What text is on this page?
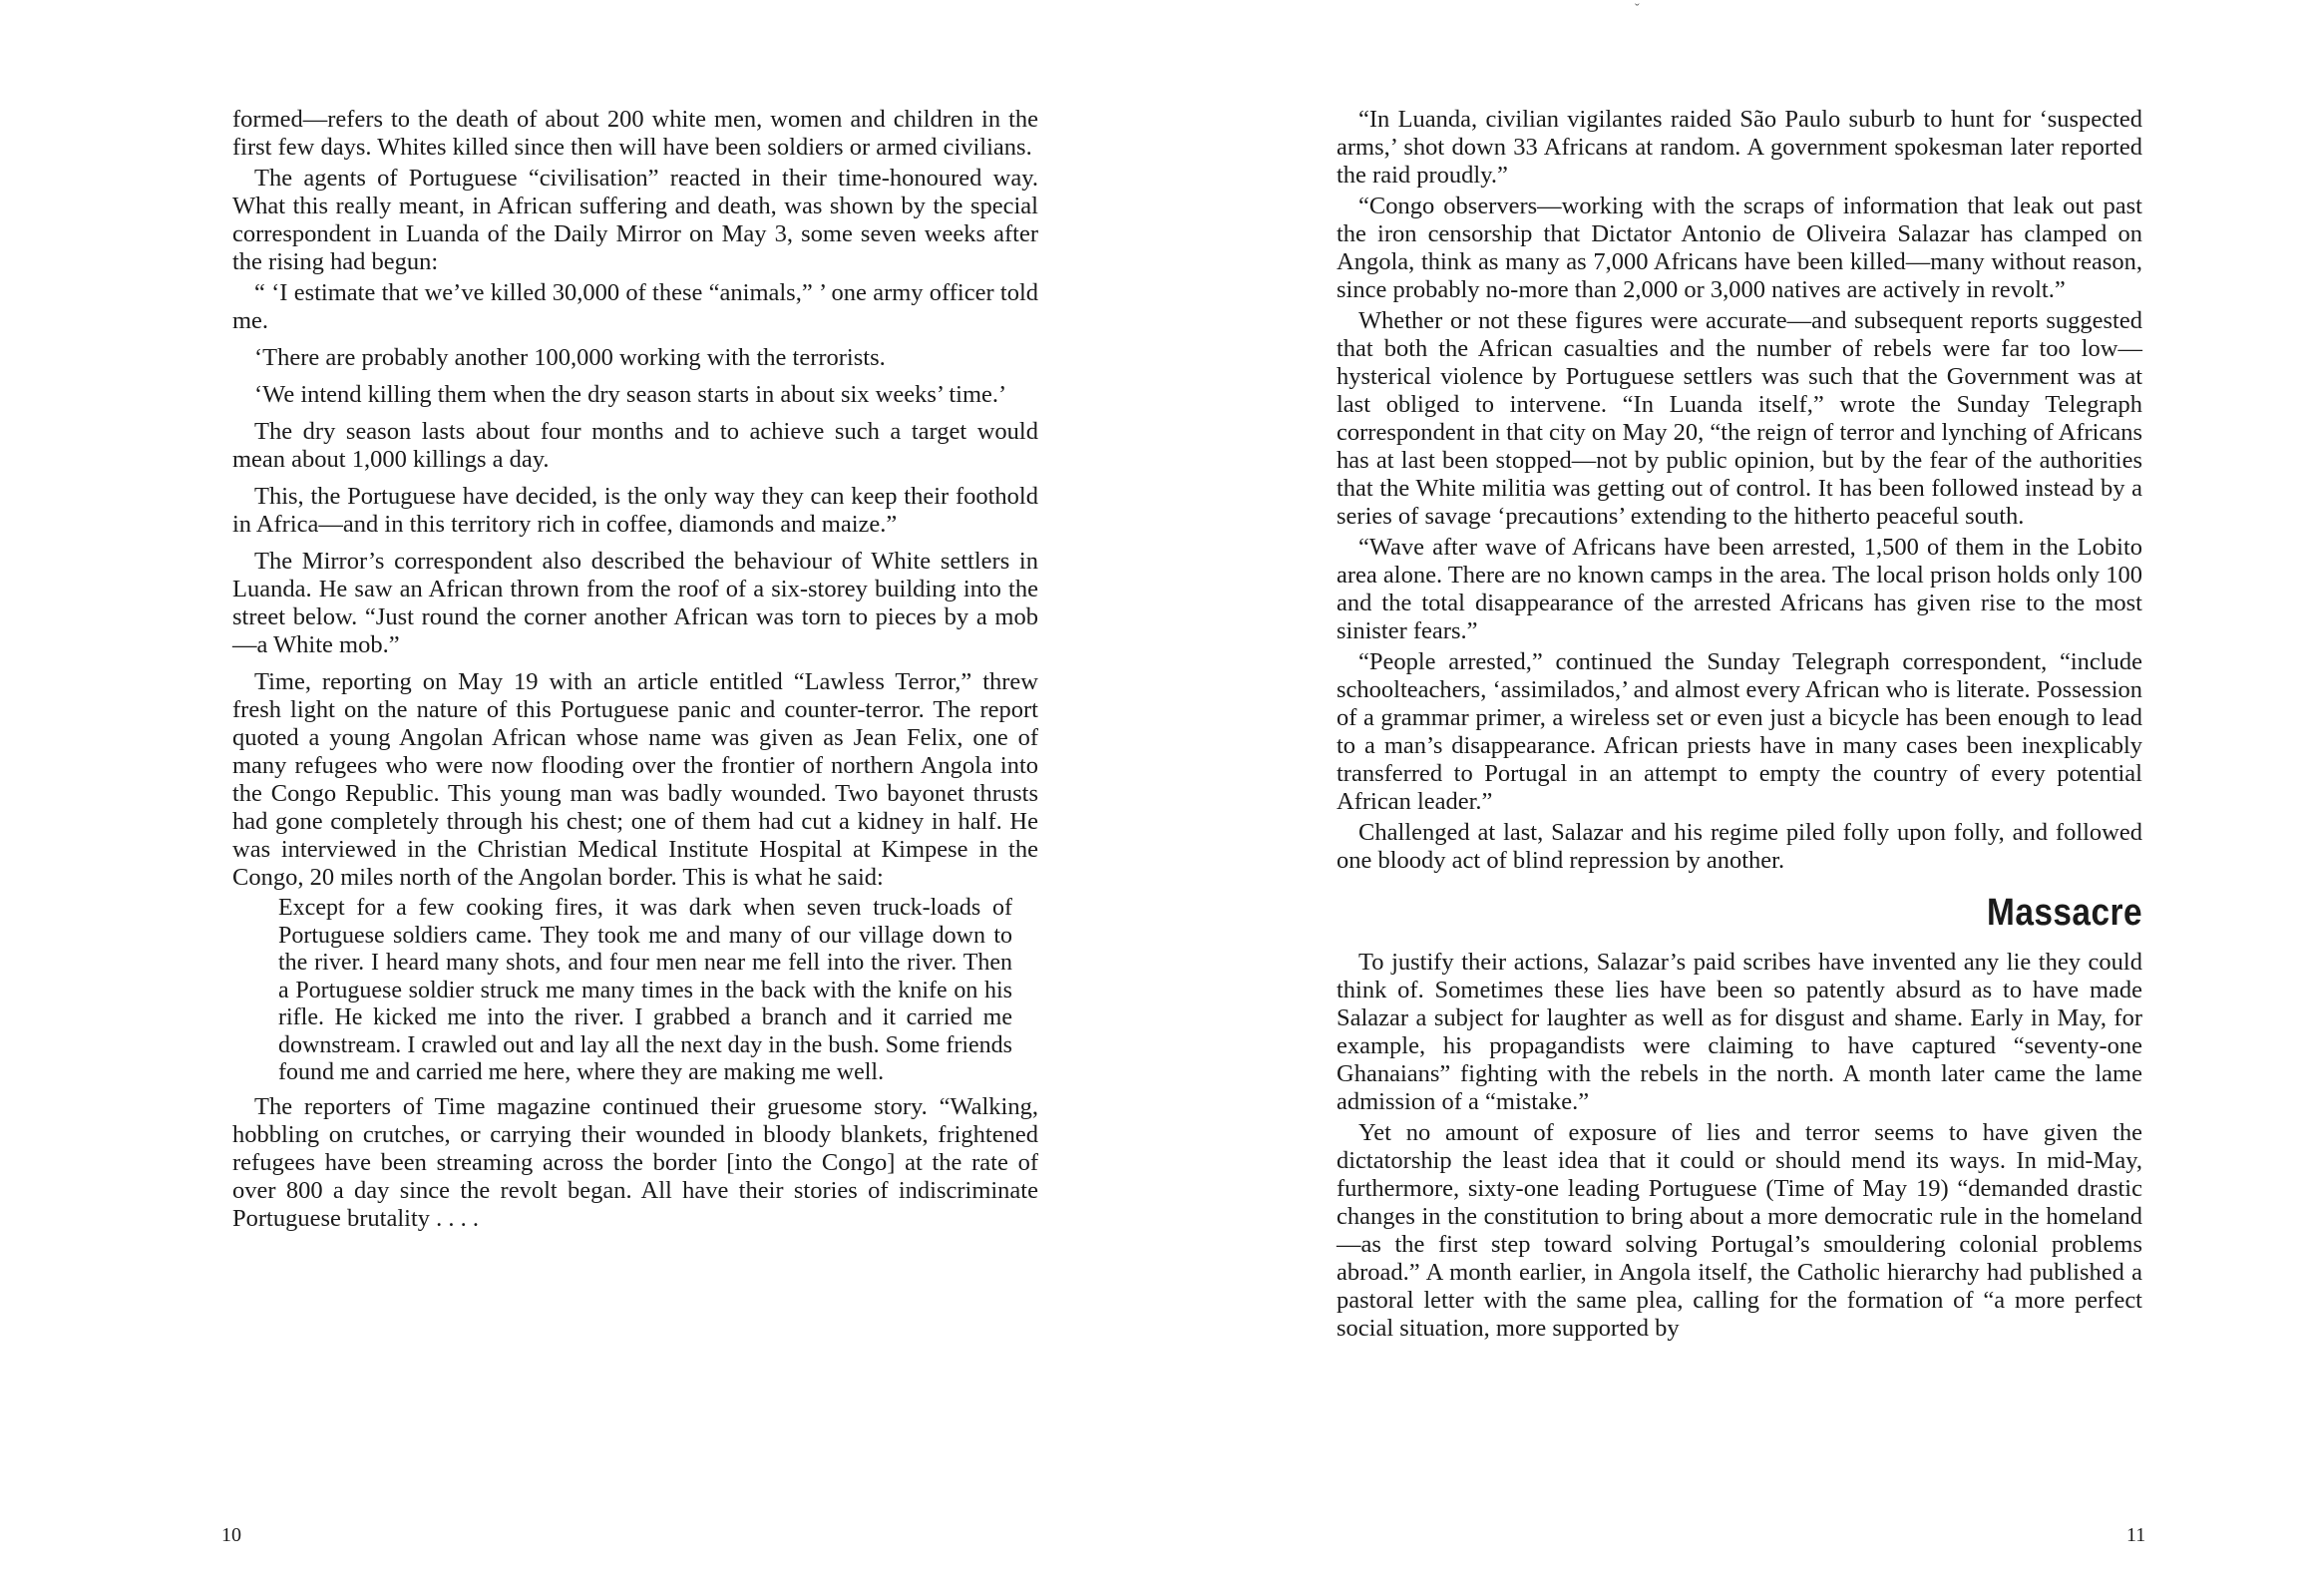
formed—refers to the death of about 200 white men, women and children in the first few days. Whites killed since then will have been soldiers or armed civilians.

The agents of Portuguese “civilisation” reacted in their time-honoured way. What this really meant, in African suffering and death, was shown by the special correspondent in Luanda of the Daily Mirror on May 3, some seven weeks after the rising had begun:

“ ‘I estimate that we’ve killed 30,000 of these “animals,” ’ one army officer told me.

‘There are probably another 100,000 working with the terrorists.

‘We intend killing them when the dry season starts in about six weeks’ time.’

The dry season lasts about four months and to achieve such a target would mean about 1,000 killings a day.

This, the Portuguese have decided, is the only way they can keep their foothold in Africa—and in this territory rich in coffee, diamonds and maize.”

The Mirror’s correspondent also described the behaviour of White settlers in Luanda. He saw an African thrown from the roof of a six-storey building into the street below. “Just round the corner another African was torn to pieces by a mob—a White mob.”

Time, reporting on May 19 with an article entitled “Lawless Terror,” threw fresh light on the nature of this Portuguese panic and counter-terror. The report quoted a young Angolan African whose name was given as Jean Felix, one of many refugees who were now flooding over the frontier of northern Angola into the Congo Republic. This young man was badly wounded. Two bayonet thrusts had gone completely through his chest; one of them had cut a kidney in half. He was interviewed in the Christian Medical Institute Hospital at Kimpese in the Congo, 20 miles north of the Angolan border. This is what he said:

Except for a few cooking fires, it was dark when seven truck-loads of Portuguese soldiers came. They took me and many of our village down to the river. I heard many shots, and four men near me fell into the river. Then a Portuguese soldier struck me many times in the back with the knife on his rifle. He kicked me into the river. I grabbed a branch and it carried me downstream. I crawled out and lay all the next day in the bush. Some friends found me and carried me here, where they are making me well.

The reporters of Time magazine continued their gruesome story. “Walking, hobbling on crutches, or carrying their wounded in bloody blankets, frightened refugees have been streaming across the border [into the Congo] at the rate of over 800 a day since the revolt began. All have their stories of indiscriminate Portuguese brutality . . . .

10
ˇ

“In Luanda, civilian vigilantes raided São Paulo suburb to hunt for ‘suspected arms,’ shot down 33 Africans at random. A government spokesman later reported the raid proudly.”

“Congo observers—working with the scraps of information that leak out past the iron censorship that Dictator Antonio de Oliveira Salazar has clamped on Angola, think as many as 7,000 Africans have been killed—many without reason, since probably no-more than 2,000 or 3,000 natives are actively in revolt.”

Whether or not these figures were accurate—and subsequent reports suggested that both the African casualties and the number of rebels were far too low—hysterical violence by Portuguese settlers was such that the Government was at last obliged to intervene. “In Luanda itself,” wrote the Sunday Telegraph correspondent in that city on May 20, “the reign of terror and lynching of Africans has at last been stopped—not by public opinion, but by the fear of the authorities that the White militia was getting out of control. It has been followed instead by a series of savage ‘precautions’ extending to the hitherto peaceful south.

“Wave after wave of Africans have been arrested, 1,500 of them in the Lobito area alone. There are no known camps in the area. The local prison holds only 100 and the total disappearance of the arrested Africans has given rise to the most sinister fears.”

“People arrested,” continued the Sunday Telegraph correspondent, “include schoolteachers, ‘assimilados,’ and almost every African who is literate. Possession of a grammar primer, a wireless set or even just a bicycle has been enough to lead to a man’s disappearance. African priests have in many cases been inexplicably transferred to Portugal in an attempt to empty the country of every potential African leader.”

Challenged at last, Salazar and his regime piled folly upon folly, and followed one bloody act of blind repression by another.

Massacre

To justify their actions, Salazar’s paid scribes have invented any lie they could think of. Sometimes these lies have been so patently absurd as to have made Salazar a subject for laughter as well as for disgust and shame. Early in May, for example, his propagandists were claiming to have captured “seventy-one Ghanaians” fighting with the rebels in the north. A month later came the lame admission of a “mistake.”

Yet no amount of exposure of lies and terror seems to have given the dictatorship the least idea that it could or should mend its ways. In mid-May, furthermore, sixty-one leading Portuguese (Time of May 19) “demanded drastic changes in the constitution to bring about a more democratic rule in the homeland—as the first step toward solving Portugal’s smouldering colonial problems abroad.” A month earlier, in Angola itself, the Catholic hierarchy had published a pastoral letter with the same plea, calling for the formation of “a more perfect social situation, more supported by

11
